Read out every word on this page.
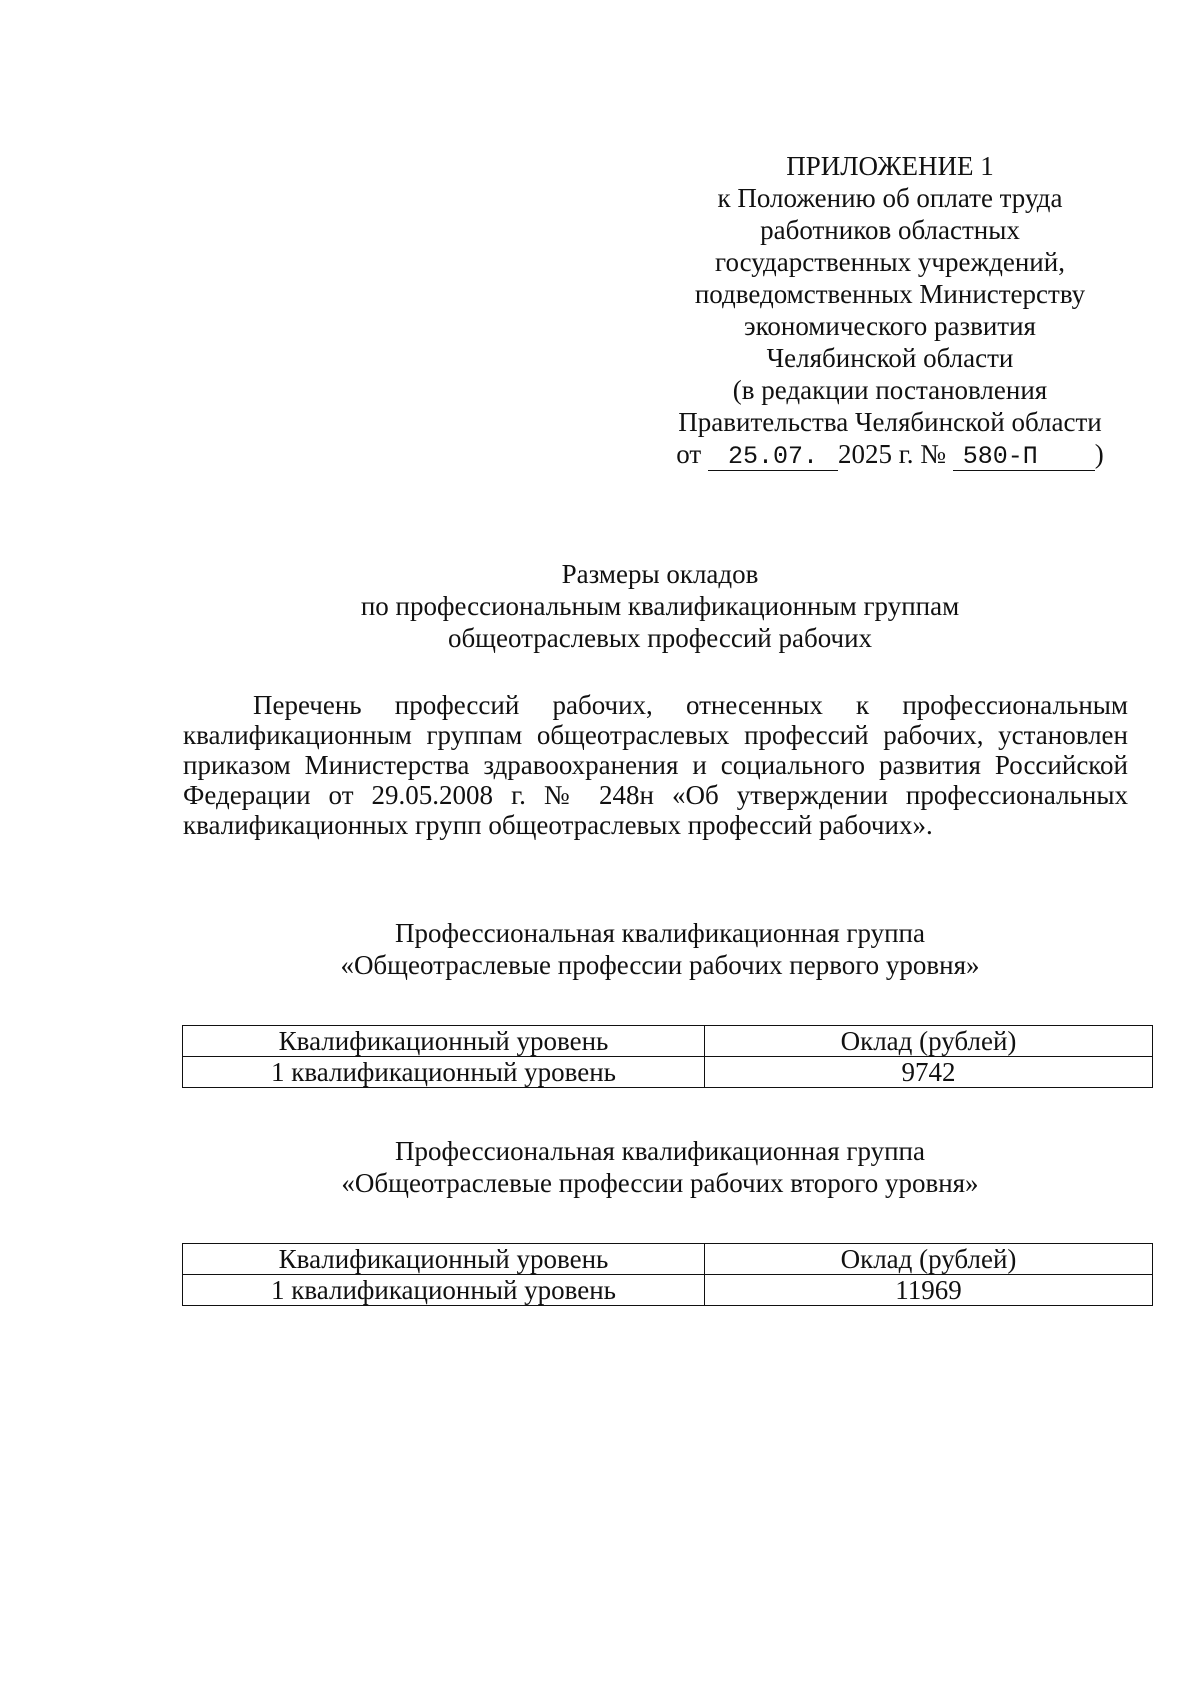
ПРИЛОЖЕНИЕ 1
к Положению об оплате труда
работников областных
государственных учреждений,
подведомственных Министерству
экономического развития
Челябинской области
(в редакции постановления
Правительства Челябинской области
от 25.07. 2025 г. № 580-П )
Размеры окладов
по профессиональным квалификационным группам
общеотраслевых профессий рабочих
Перечень профессий рабочих, отнесенных к профессиональным квалификационным группам общеотраслевых профессий рабочих, установлен приказом Министерства здравоохранения и социального развития Российской Федерации от 29.05.2008 г. № 248н «Об утверждении профессиональных квалификационных групп общеотраслевых профессий рабочих».
Профессиональная квалификационная группа
«Общеотраслевые профессии рабочих первого уровня»
Квалификационный уровень	Оклад (рублей)
1 квалификационный уровень	9742
Профессиональная квалификационная группа
«Общеотраслевые профессии рабочих второго уровня»
Квалификационный уровень	Оклад (рублей)
1 квалификационный уровень	11969
